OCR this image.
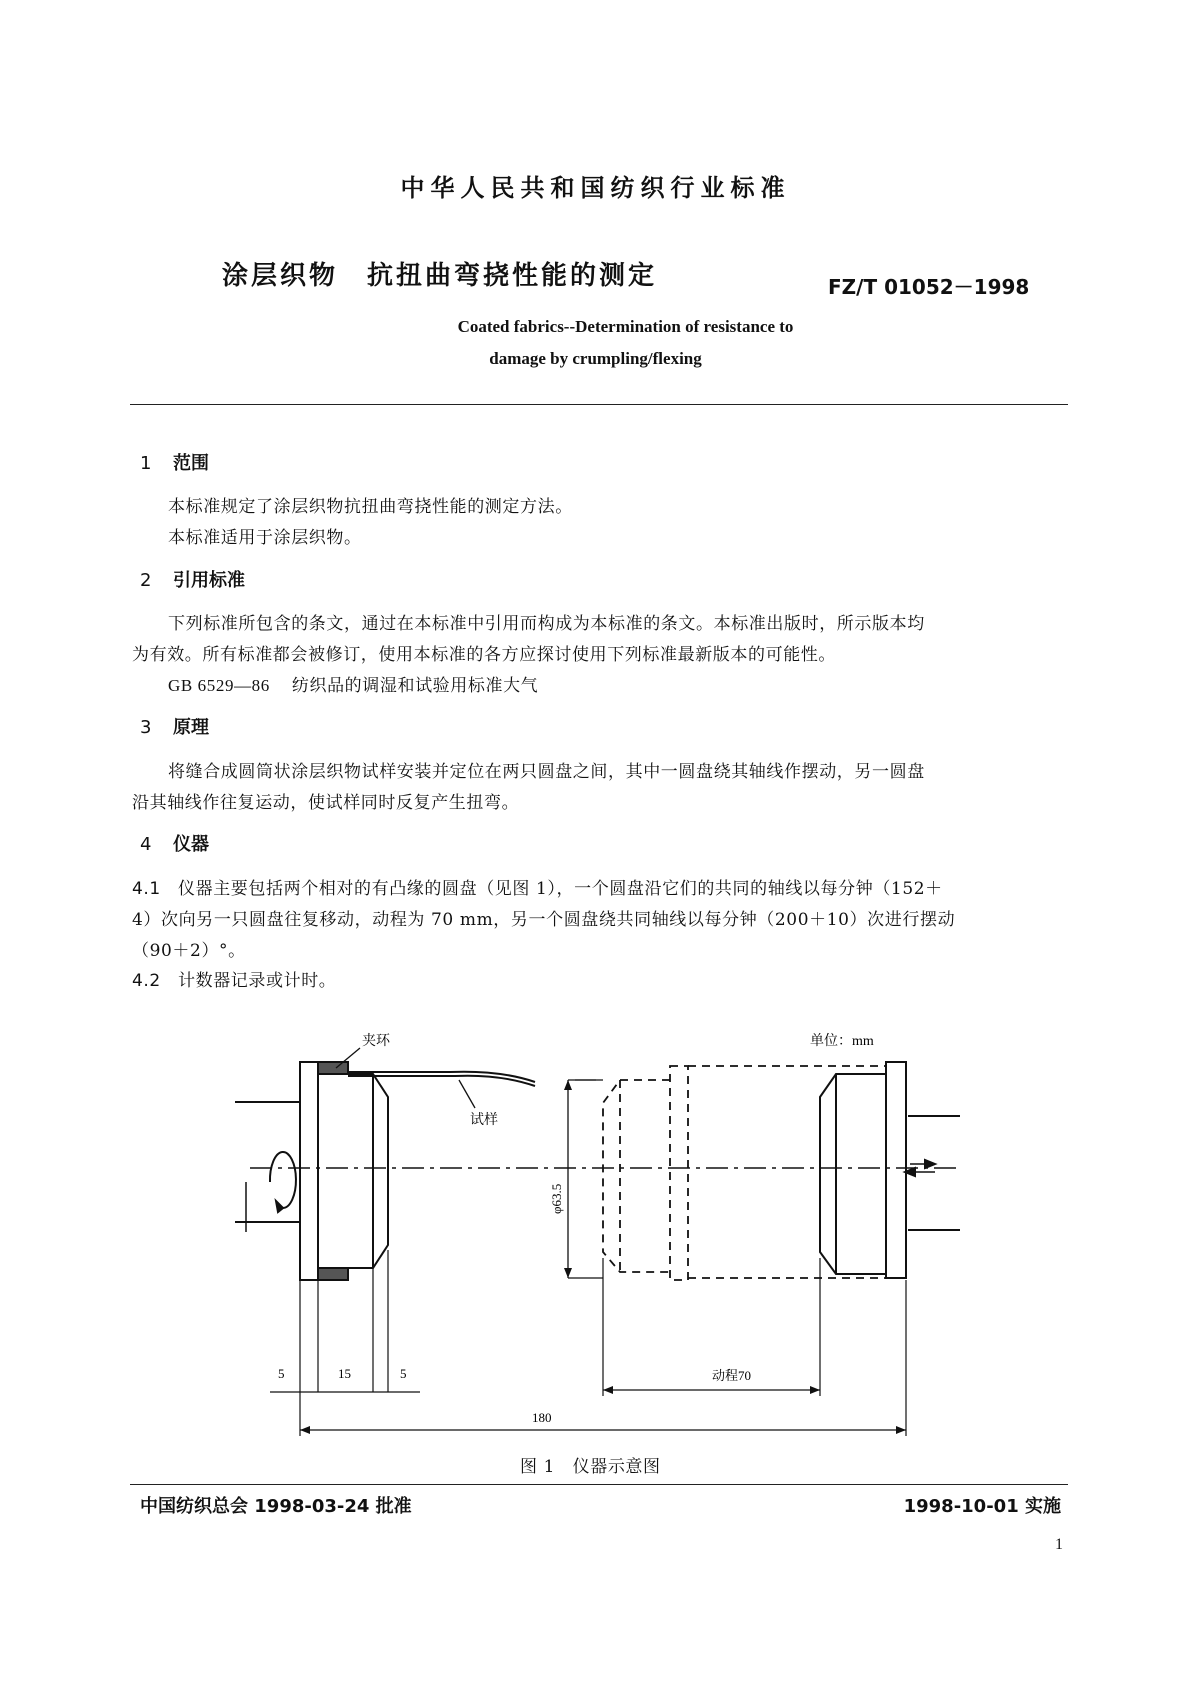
中华人民共和国纺织行业标准
涂层织物　抗扭曲弯挠性能的测定	FZ/T 01052－1998
Coated fabrics--Determination of resistance to
damage by crumpling/flexing
1 范围
本标准规定了涂层织物抗扭曲弯挠性能的测定方法。
本标准适用于涂层织物。
2 引用标准
下列标准所包含的条文，通过在本标准中引用而构成为本标准的条文。本标准出版时，所示版本均
为有效。所有标准都会被修订，使用本标准的各方应探讨使用下列标准最新版本的可能性。
GB 6529—86 纺织品的调湿和试验用标准大气
3 原理
将缝合成圆筒状涂层织物试样安装并定位在两只圆盘之间，其中一圆盘绕其轴线作摆动，另一圆盘
沿其轴线作往复运动，使试样同时反复产生扭弯。
4 仪器
4.1 仪器主要包括两个相对的有凸缘的圆盘（见图 1），一个圆盘沿它们的共同的轴线以每分钟（152＋
4）次向另一只圆盘往复移动，动程为 70 mm，另一个圆盘绕共同轴线以每分钟（200＋10）次进行摆动
（90＋2）°。
4.2 计数器记录或计时。
夹环
试样
单位：mm
φ63.5
5	15	5	动程70
180
图 1　仪器示意图
中国纺织总会 1998-03-24 批准	1998-10-01 实施
1
